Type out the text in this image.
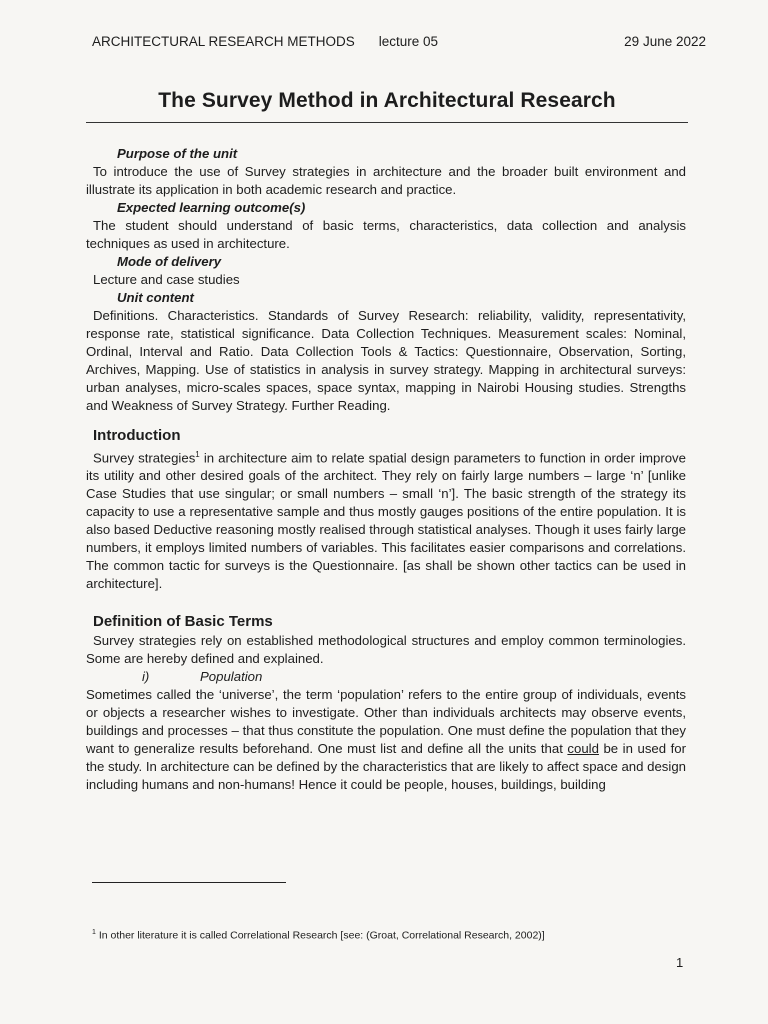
ARCHITECTURAL RESEARCH METHODS lecture 05	29 June 2022
The Survey Method in Architectural Research
Purpose of the unit

To introduce the use of Survey strategies in architecture and the broader built environment and illustrate its application in both academic research and practice.

Expected learning outcome(s)

The student should understand of basic terms, characteristics, data collection and analysis techniques as used in architecture.

Mode of delivery

Lecture and case studies

Unit content

Definitions. Characteristics. Standards of Survey Research: reliability, validity, representativity, response rate, statistical significance. Data Collection Techniques. Measurement scales: Nominal, Ordinal, Interval and Ratio. Data Collection Tools & Tactics: Questionnaire, Observation, Sorting, Archives, Mapping. Use of statistics in analysis in survey strategy. Mapping in architectural surveys: urban analyses, micro-scales spaces, space syntax, mapping in Nairobi Housing studies. Strengths and Weakness of Survey Strategy. Further Reading.

Introduction

Survey strategies$^1$ in architecture aim to relate spatial design parameters to function in order improve its utility and other desired goals of the architect. They rely on fairly large numbers – large ‘n’ [unlike Case Studies that use singular; or small numbers – small ‘n’]. The basic strength of the strategy its capacity to use a representative sample and thus mostly gauges positions of the entire population. It is also based Deductive reasoning mostly realised through statistical analyses. Though it uses fairly large numbers, it employs limited numbers of variables. This facilitates easier comparisons and correlations. The common tactic for surveys is the Questionnaire. [as shall be shown other tactics can be used in architecture].

Definition of Basic Terms

Survey strategies rely on established methodological structures and employ common terminologies. Some are hereby defined and explained.

i)	Population

Sometimes called the ‘universe’, the term ‘population’ refers to the entire group of individuals, events or objects a researcher wishes to investigate. Other than individuals architects may observe events, buildings and processes – that thus constitute the population. One must define the population that they want to generalize results beforehand. One must list and define all the units that could be in used for the study. In architecture can be defined by the characteristics that are likely to affect space and design including humans and non-humans! Hence it could be people, houses, buildings, building

$^1$ In other literature it is called Correlational Research [see: (Groat, Correlational Research, 2002)]
1
